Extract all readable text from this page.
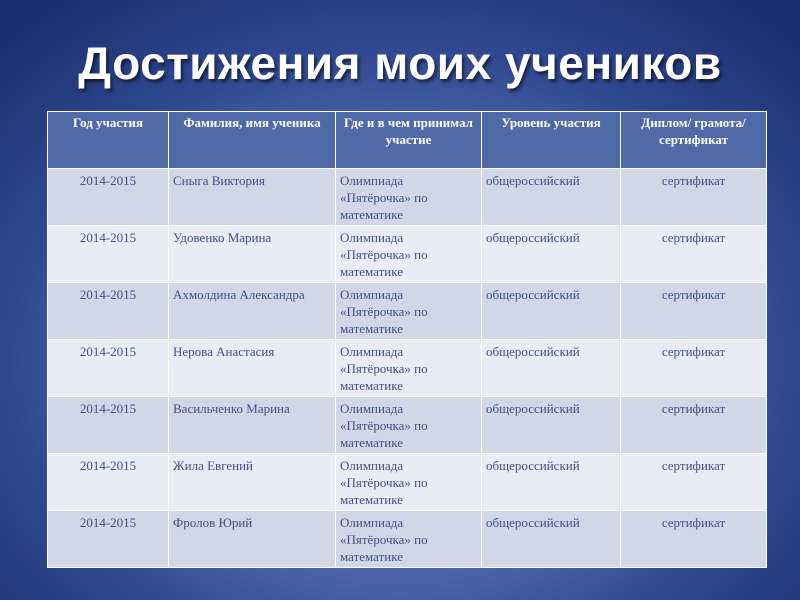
Достижения моих учеников
Год участия	Фамилия, имя ученика	Где и в чем принимал участие	Уровень участия	Диплом/ грамота/ сертификат
2014-2015	Сныга Виктория	Олимпиада «Пятёрочка» по математике	общероссийский	сертификат
2014-2015	Удовенко Марина	Олимпиада «Пятёрочка» по математике	общероссийский	сертификат
2014-2015	Ахмолдина Александра	Олимпиада «Пятёрочка» по математике	общероссийский	сертификат
2014-2015	Нерова Анастасия	Олимпиада «Пятёрочка» по математике	общероссийский	сертификат
2014-2015	Васильченко Марина	Олимпиада «Пятёрочка» по математике	общероссийский	сертификат
2014-2015	Жила Евгений	Олимпиада «Пятёрочка» по математике	общероссийский	сертификат
2014-2015	Фролов Юрий	Олимпиада «Пятёрочка» по математике	общероссийский	сертификат
